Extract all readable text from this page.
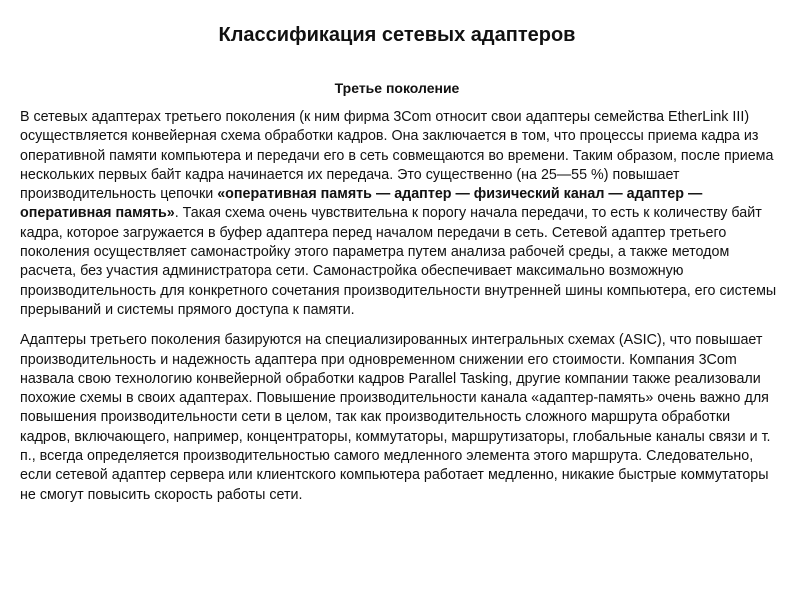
Классификация сетевых адаптеров
Третье поколение

В сетевых адаптерах третьего поколения (к ним фирма 3Com относит свои адаптеры семейства EtherLink III) осуществляется конвейерная схема обработки кадров. Она заключается в том, что процессы приема кадра из оперативной памяти компьютера и передачи его в сеть совмещаются во времени. Таким образом, после приема нескольких первых байт кадра начинается их передача. Это существенно (на 25—55 %) повышает производительность цепочки «оперативная память — адаптер — физический канал — адаптер — оперативная память». Такая схема очень чувствительна к порогу начала передачи, то есть к количеству байт кадра, которое загружается в буфер адаптера перед началом передачи в сеть. Сетевой адаптер третьего поколения осуществляет самонастройку этого параметра путем анализа рабочей среды, а также методом расчета, без участия администратора сети. Самонастройка обеспечивает максимально возможную производительность для конкретного сочетания производительности внутренней шины компьютера, его системы прерываний и системы прямого доступа к памяти.

Адаптеры третьего поколения базируются на специализированных интегральных схемах (ASIC), что повышает производительность и надежность адаптера при одновременном снижении его стоимости. Компания 3Com назвала свою технологию конвейерной обработки кадров Parallel Tasking, другие компании также реализовали похожие схемы в своих адаптерах. Повышение производительности канала «адаптер-память» очень важно для повышения производительности сети в целом, так как производительность сложного маршрута обработки кадров, включающего, например, концентраторы, коммутаторы, маршрутизаторы, глобальные каналы связи и т. п., всегда определяется производительностью самого медленного элемента этого маршрута. Следовательно, если сетевой адаптер сервера или клиентского компьютера работает медленно, никакие быстрые коммутаторы не смогут повысить скорость работы сети.
